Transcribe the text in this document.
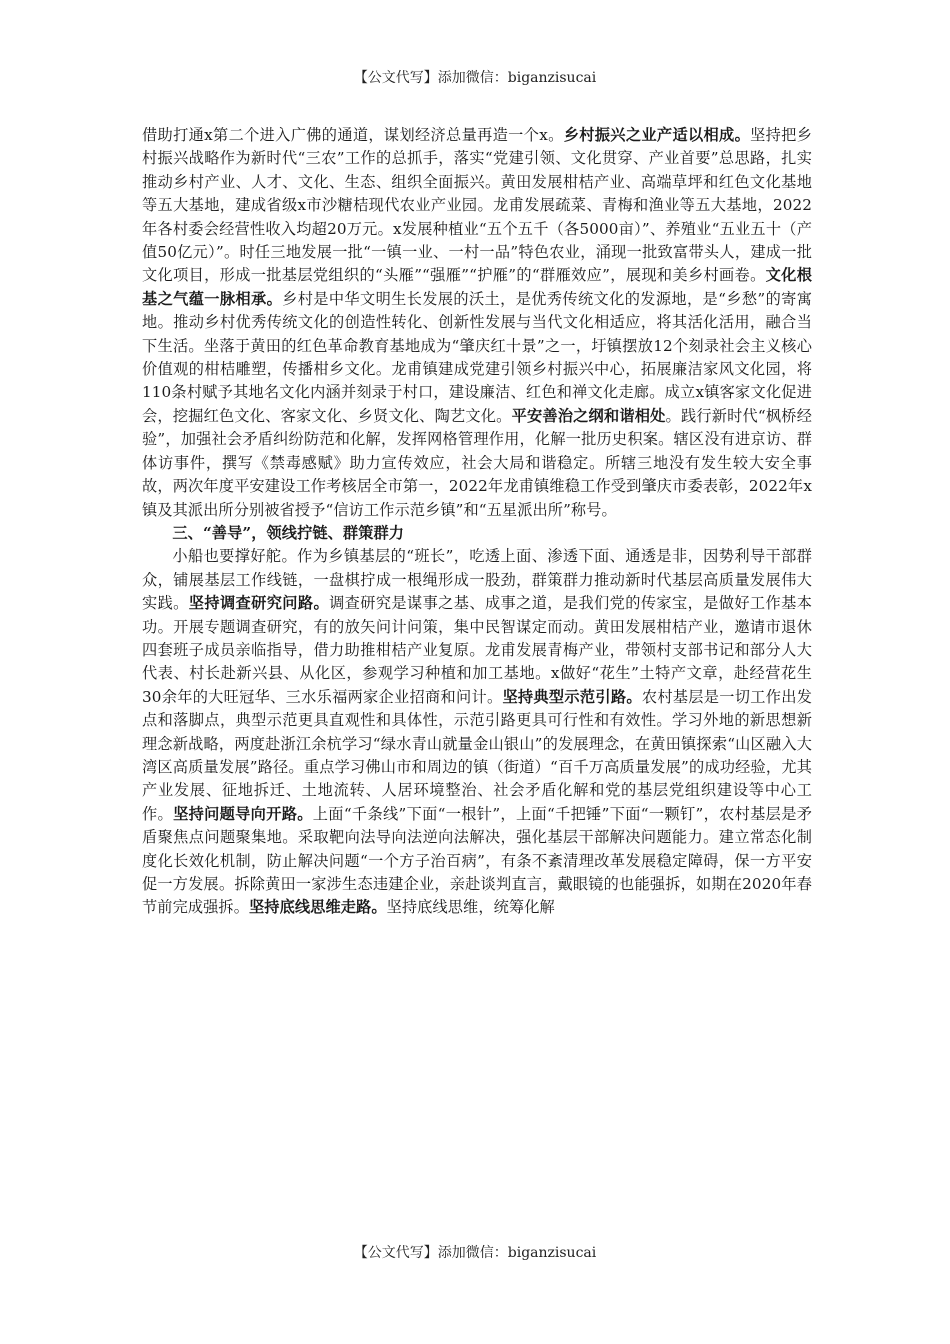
【公文代写】添加微信：biganzisucai

借助打通x第二个进入广佛的通道，谋划经济总量再造一个x。乡村振兴之业产适以相成。坚持把乡村振兴战略作为新时代“三农”工作的总抓手，落实“党建引领、文化贯穿、产业首要”总思路，扎实推动乡村产业、人才、文化、生态、组织全面振兴。黄田发展柑桔产业、高端草坪和红色文化基地等五大基地，建成省级x市沙糖桔现代农业产业园。龙甫发展疏菜、青梅和渔业等五大基地，2022年各村委会经营性收入均超20万元。x发展种植业“五个五千（各5000亩）”、养殖业“五业五十（产值50亿元）”。时任三地发展一批“一镇一业、一村一品”特色农业，涌现一批致富带头人，建成一批文化项目，形成一批基层党组织的“头雁”“强雁”“护雁”的“群雁效应”，展现和美乡村画卷。文化根基之气蕴一脉相承。乡村是中华文明生长发展的沃土，是优秀传统文化的发源地，是“乡愁”的寄寓地。推动乡村优秀传统文化的创造性转化、创新性发展与当代文化相适应，将其活化活用，融合当下生活。坐落于黄田的红色革命教育基地成为“肇庆红十景”之一，圩镇摆放12个刻录社会主义核心价值观的柑桔雕塑，传播柑乡文化。龙甫镇建成党建引领乡村振兴中心，拓展廉洁家风文化园，将110条村赋予其地名文化内涵并刻录于村口，建设廉洁、红色和禅文化走廊。成立x镇客家文化促进会，挖掘红色文化、客家文化、乡贤文化、陶艺文化。平安善治之纲和谐相处。践行新时代“枫桥经验”，加强社会矛盾纠纷防范和化解，发挥网格管理作用，化解一批历史积案。辖区没有进京访、群体访事件，撰写《禁毒感赋》助力宣传效应，社会大局和谐稳定。所辖三地没有发生较大安全事故，两次年度平安建设工作考核居全市第一，2022年龙甫镇维稳工作受到肇庆市委表彰，2022年x镇及其派出所分别被省授予“信访工作示范乡镇”和“五星派出所”称号。

三、“善导”，领线拧链、群策群力

小船也要撑好舵。作为乡镇基层的“班长”，吃透上面、渗透下面、通透是非，因势利导干部群众，铺展基层工作线链，一盘棋拧成一根绳形成一股劲，群策群力推动新时代基层高质量发展伟大实践。坚持调查研究问路。调查研究是谋事之基、成事之道，是我们党的传家宝，是做好工作基本功。开展专题调查研究，有的放矢问计问策，集中民智谋定而动。黄田发展柑桔产业，邀请市退休四套班子成员亲临指导，借力助推柑桔产业复原。龙甫发展青梅产业，带领村支部书记和部分人大代表、村长赴新兴县、从化区，参观学习种植和加工基地。x做好“花生”土特产文章，赴经营花生30余年的大旺冠华、三水乐福两家企业招商和问计。坚持典型示范引路。农村基层是一切工作出发点和落脚点，典型示范更具直观性和具体性，示范引路更具可行性和有效性。学习外地的新思想新理念新战略，两度赴浙江余杭学习“绿水青山就量金山银山”的发展理念，在黄田镇探索“山区融入大湾区高质量发展”路径。重点学习佛山市和周边的镇（街道）“百千万高质量发展”的成功经验，尤其产业发展、征地拆迁、土地流转、人居环境整治、社会矛盾化解和党的基层党组织建设等中心工作。坚持问题导向开路。上面“千条线”下面“一根针”，上面“千把锤”下面“一颗钉”，农村基层是矛盾聚焦点问题聚集地。采取靶向法导向法逆向法解决，强化基层干部解决问题能力。建立常态化制度化长效化机制，防止解决问题“一个方子治百病”，有条不紊清理改革发展稳定障碍，保一方平安促一方发展。拆除黄田一家涉生态违建企业，亲赴谈判直言，戴眼镜的也能强拆，如期在2020年春节前完成强拆。坚持底线思维走路。坚持底线思维，统筹化解

【公文代写】添加微信：biganzisucai
